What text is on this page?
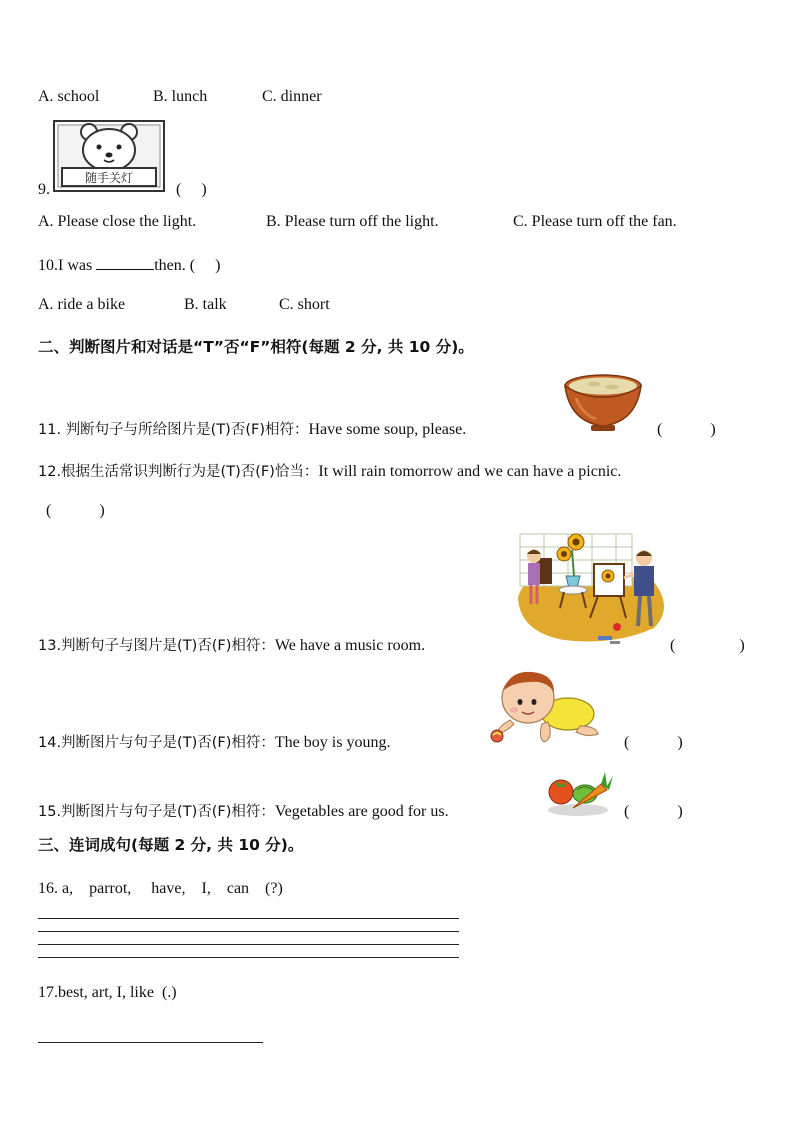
A. school	B. lunch	C. dinner
随手关灯
9.	(　 )
A. Please close the light.	B. Please turn off the light.	C. Please turn off the fan.
10.I was	then. (　 )
A. ride a bike	B. talk	C. short
二、判断图片和对话是“T”否“F”相符(每题 2 分, 共 10 分)。
11. 判断句子与所给图片是(T)否(F)相符：Have some soup, please.	(　　　)
12.根据生活常识判断行为是(T)否(F)恰当：It will rain tomorrow and we can have a picnic.
(　　　)
13.判断句子与图片是(T)否(F)相符：We have a music room.	(　　　　)
14.判断图片与句子是(T)否(F)相符：The boy is young.	(　　　)
15.判断图片与句子是(T)否(F)相符：Vegetables are good for us.	(　　　)
三、连词成句(每题 2 分, 共 10 分)。
16. a,    parrot,     have,    I,    can    (?)
17.best, art, I, like  (.)
